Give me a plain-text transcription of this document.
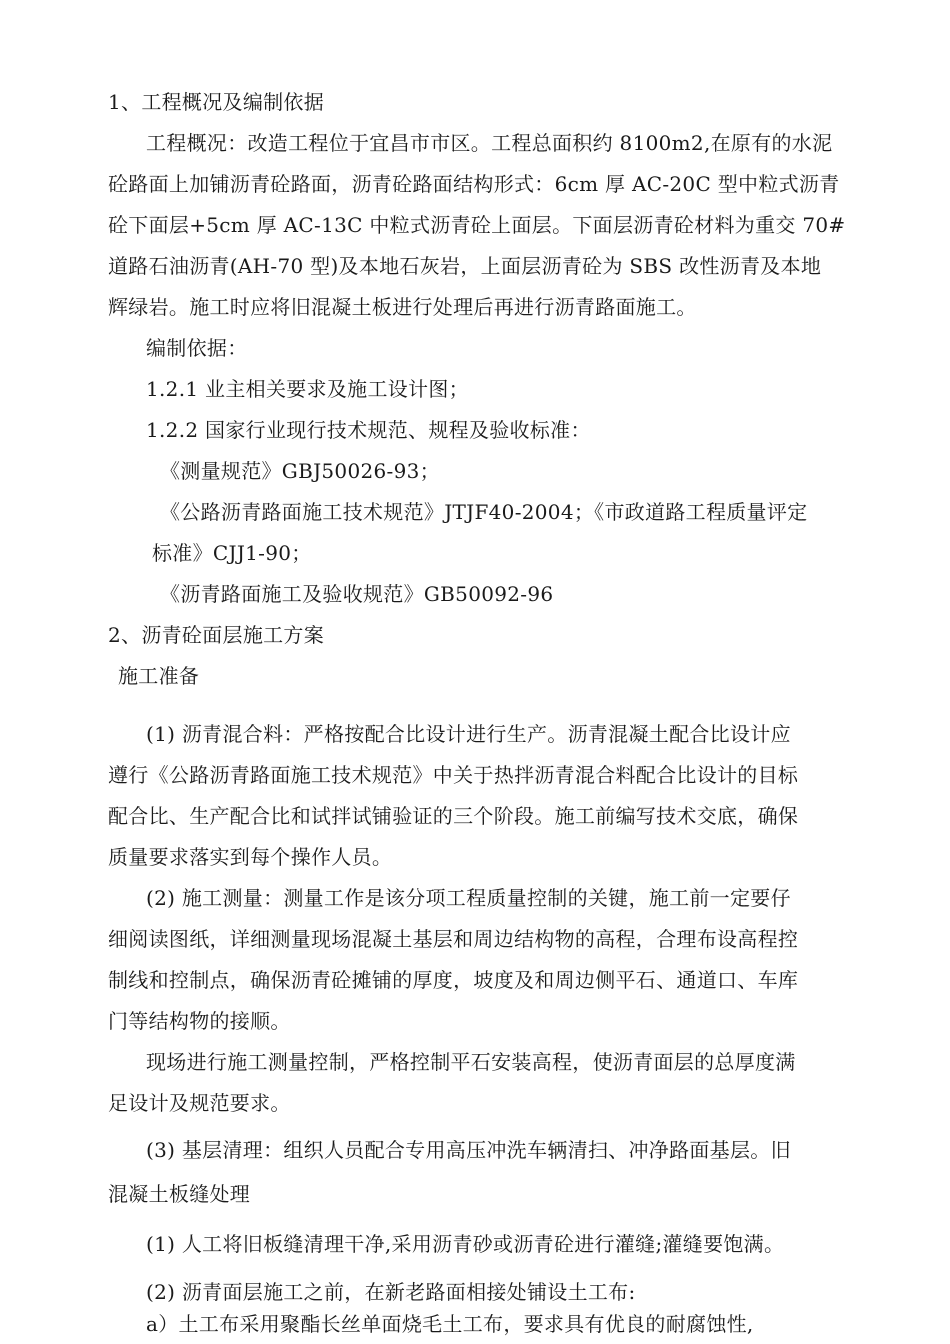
1、工程概况及编制依据
工程概况：改造工程位于宜昌市市区。工程总面积约 8100m2,在原有的水泥
砼路面上加铺沥青砼路面，沥青砼路面结构形式：6cm 厚 AC-20C 型中粒式沥青
砼下面层+5cm 厚 AC-13C 中粒式沥青砼上面层。下面层沥青砼材料为重交 70#
道路石油沥青(AH-70 型)及本地石灰岩，上面层沥青砼为 SBS 改性沥青及本地
辉绿岩。施工时应将旧混凝土板进行处理后再进行沥青路面施工。
编制依据：
1.2.1 业主相关要求及施工设计图；
1.2.2 国家行业现行技术规范、规程及验收标准：
《测量规范》GBJ50026-93；
《公路沥青路面施工技术规范》JTJF40-2004；《市政道路工程质量评定
标准》CJJ1-90；
《沥青路面施工及验收规范》GB50092-96
2、沥青砼面层施工方案
施工准备
(1) 沥青混合料：严格按配合比设计进行生产。沥青混凝土配合比设计应
遵行《公路沥青路面施工技术规范》中关于热拌沥青混合料配合比设计的目标
配合比、生产配合比和试拌试铺验证的三个阶段。施工前编写技术交底，确保
质量要求落实到每个操作人员。
(2) 施工测量：测量工作是该分项工程质量控制的关键，施工前一定要仔
细阅读图纸，详细测量现场混凝土基层和周边结构物的高程，合理布设高程控
制线和控制点，确保沥青砼摊铺的厚度，坡度及和周边侧平石、通道口、车库
门等结构物的接顺。
现场进行施工测量控制，严格控制平石安装高程，使沥青面层的总厚度满
足设计及规范要求。
(3) 基层清理：组织人员配合专用高压冲洗车辆清扫、冲净路面基层。旧
混凝土板缝处理
(1) 人工将旧板缝清理干净,采用沥青砂或沥青砼进行灌缝;灌缝要饱满。
(2) 沥青面层施工之前，在新老路面相接处铺设土工布:
a）土工布采用聚酯长丝单面烧毛土工布，要求具有优良的耐腐蚀性,
